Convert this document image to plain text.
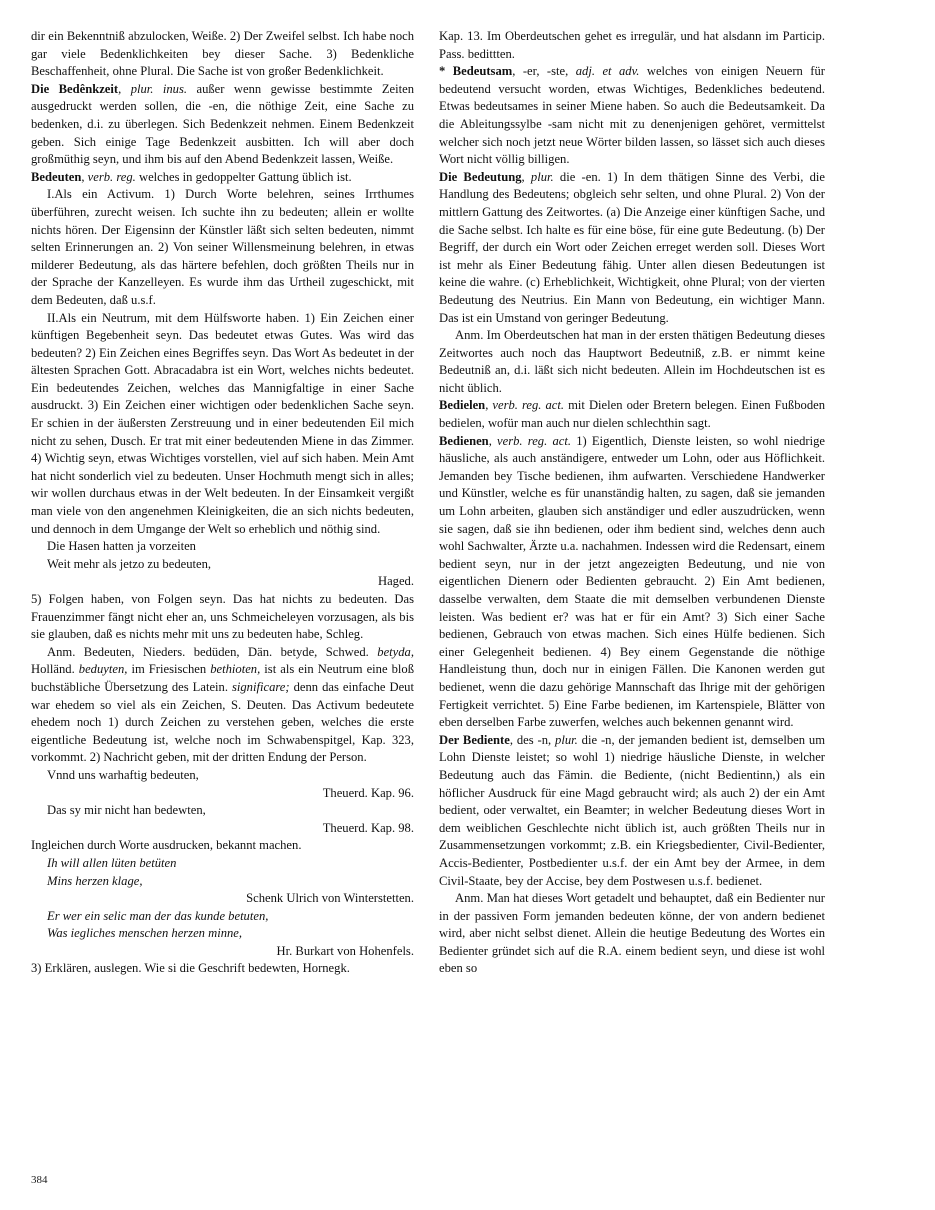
dir ein Bekenntniß abzulocken, Weiße. 2) Der Zweifel selbst. Ich habe noch gar viele Bedenklichkeiten bey dieser Sache. 3) Bedenkliche Beschaffenheit, ohne Plural. Die Sache ist von großer Bedenklichkeit.

Die Bedênkzeit, plur. inus. außer wenn gewisse bestimmte Zeiten ausgedruckt werden sollen, die -en, die nöthige Zeit, eine Sache zu bedenken, d.i. zu überlegen. Sich Bedenkzeit nehmen. Einem Bedenkzeit geben. Sich einige Tage Bedenkzeit ausbitten. Ich will aber doch großmüthig seyn, und ihm bis auf den Abend Bedenkzeit lassen, Weiße.

Bedeuten, verb. reg. welches in gedoppelter Gattung üblich ist.

I.Als ein Activum. 1) Durch Worte belehren, seines Irrthumes überführen, zurecht weisen. Ich suchte ihn zu bedeuten; allein er wollte nichts hören. Der Eigensinn der Künstler läßt sich selten bedeuten, nimmt selten Erinnerungen an. 2) Von seiner Willensmeinung belehren, in etwas milderer Bedeutung, als das härtere befehlen, doch größten Theils nur in der Sprache der Kanzelleyen. Es wurde ihm das Urtheil zugeschickt, mit dem Bedeuten, daß u.s.f.

II.Als ein Neutrum, mit dem Hülfsworte haben. 1) Ein Zeichen einer künftigen Begebenheit seyn. Das bedeutet etwas Gutes. Was wird das bedeuten? 2) Ein Zeichen eines Begriffes seyn. Das Wort As bedeutet in der ältesten Sprachen Gott. Abracadabra ist ein Wort, welches nichts bedeutet. Ein bedeutendes Zeichen, welches das Mannigfaltige in einer Sache ausdruckt. 3) Ein Zeichen einer wichtigen oder bedenklichen Sache seyn. Er schien in der äußersten Zerstreuung und in einer bedeutenden Eil mich nicht zu sehen, Dusch. Er trat mit einer bedeutenden Miene in das Zimmer. 4) Wichtig seyn, etwas Wichtiges vorstellen, viel auf sich haben. Mein Amt hat nicht sonderlich viel zu bedeuten. Unser Hochmuth mengt sich in alles; wir wollen durchaus etwas in der Welt bedeuten. In der Einsamkeit vergißt man viele von den angenehmen Kleinigkeiten, die an sich nichts bedeuten, und dennoch in dem Umgange der Welt so erheblich und nöthig sind.

Die Hasen hatten ja vorzeiten

Weit mehr als jetzo zu bedeuten,

Haged.

5) Folgen haben, von Folgen seyn. Das hat nichts zu bedeuten. Das Frauenzimmer fängt nicht eher an, uns Schmeicheleyen vorzusagen, als bis sie glauben, daß es nichts mehr mit uns zu bedeuten habe, Schleg.

Anm. Bedeuten, Nieders. bedüden, Dän. betyde, Schwed. betyda, Holländ. beduyten, im Friesischen bethioten, ist als ein Neutrum eine bloß buchstäbliche Übersetzung des Latein. significare; denn das einfache Deut war ehedem so viel als ein Zeichen, S. Deuten. Das Activum bedeutete ehedem noch 1) durch Zeichen zu verstehen geben, welches die erste eigentliche Bedeutung ist, welche noch im Schwabenspitgel, Kap. 323, vorkommt. 2) Nachricht geben, mit der dritten Endung der Person.

Vnnd uns warhaftig bedeuten,

Theuerd. Kap. 96.

Das sy mir nicht han bedewten,

Theuerd. Kap. 98.

Ingleichen durch Worte ausdrucken, bekannt machen.

Ih will allen lüten betüten

Mins herzen klage,

Schenk Ulrich von Winterstetten.

Er wer ein selic man der das kunde betuten,

Was iegliches menschen herzen minne,

Hr. Burkart von Hohenfels.

3) Erklären, auslegen. Wie si die Geschrift bedewten, Hornegk.

Kap. 13. Im Oberdeutschen gehet es irregulär, und hat alsdann im Particip. Pass. bedittten.

* Bedeutsam, -er, -ste, adj. et adv. welches von einigen Neuern für bedeutend versucht worden, etwas Wichtiges, Bedenkliches bedeutend. Etwas bedeutsames in seiner Miene haben. So auch die Bedeutsamkeit. Da die Ableitungssylbe -sam nicht mit zu denenjenigen gehöret, vermittelst welcher sich noch jetzt neue Wörter bilden lassen, so lässet sich auch dieses Wort nicht völlig billigen.

Die Bedeutung, plur. die -en. 1) In dem thätigen Sinne des Verbi, die Handlung des Bedeutens; obgleich sehr selten, und ohne Plural. 2) Von der mittlern Gattung des Zeitwortes. (a) Die Anzeige einer künftigen Sache, und die Sache selbst. Ich halte es für eine böse, für eine gute Bedeutung. (b) Der Begriff, der durch ein Wort oder Zeichen erreget werden soll. Dieses Wort ist mehr als Einer Bedeutung fähig. Unter allen diesen Bedeutungen ist keine die wahre. (c) Erheblichkeit, Wichtigkeit, ohne Plural; von der vierten Bedeutung des Neutrius. Ein Mann von Bedeutung, ein wichtiger Mann. Das ist ein Umstand von geringer Bedeutung.

Anm. Im Oberdeutschen hat man in der ersten thätigen Bedeutung dieses Zeitwortes auch noch das Hauptwort Bedeutniß, z.B. er nimmt keine Bedeutniß an, d.i. läßt sich nicht bedeuten. Allein im Hochdeutschen ist es nicht üblich.

Bedielen, verb. reg. act. mit Dielen oder Bretern belegen. Einen Fußboden bedielen, wofür man auch nur dielen schlechthin sagt.

Bedienen, verb. reg. act. 1) Eigentlich, Dienste leisten, so wohl niedrige häusliche, als auch anständigere, entweder um Lohn, oder aus Höflichkeit. Jemanden bey Tische bedienen, ihm aufwarten. Verschiedene Handwerker und Künstler, welche es für unanständig halten, zu sagen, daß sie jemanden um Lohn arbeiten, glauben sich anständiger und edler auszudrücken, wenn sie sagen, daß sie ihn bedienen, oder ihm bedient sind, welches denn auch wohl Sachwalter, Ärzte u.a. nachahmen. Indessen wird die Redensart, einem bedient seyn, nur in der jetzt angezeigten Bedeutung, und nie von eigentlichen Dienern oder Bedienten gebraucht. 2) Ein Amt bedienen, dasselbe verwalten, dem Staate die mit demselben verbundenen Dienste leisten. Was bedient er? was hat er für ein Amt? 3) Sich einer Sache bedienen, Gebrauch von etwas machen. Sich eines Hülfe bedienen. Sich einer Gelegenheit bedienen. 4) Bey einem Gegenstande die nöthige Handleistung thun, doch nur in einigen Fällen. Die Kanonen werden gut bedienet, wenn die dazu gehörige Mannschaft das Ihrige mit der gehörigen Fertigkeit verrichtet. 5) Eine Farbe bedienen, im Kartenspiele, Blätter von eben derselben Farbe zuwerfen, welches auch bekennen genannt wird.

Der Bediente, des -n, plur. die -n, der jemanden bedient ist, demselben um Lohn Dienste leistet; so wohl 1) niedrige häusliche Dienste, in welcher Bedeutung auch das Fämin. die Bediente, (nicht Bedientinn,) als ein höflicher Ausdruck für eine Magd gebraucht wird; als auch 2) der ein Amt bedient, oder verwaltet, ein Beamter; in welcher Bedeutung dieses Wort in dem weiblichen Geschlechte nicht üblich ist, auch größten Theils nur in Zusammensetzungen vorkommt; z.B. ein Kriegsbedienter, Civil-Bedienter, Accis-Bedienter, Postbedienter u.s.f. der ein Amt bey der Armee, in dem Civil-Staate, bey der Accise, bey dem Postwesen u.s.f. bedienet.

Anm. Man hat dieses Wort getadelt und behauptet, daß ein Bedienter nur in der passiven Form jemanden bedeuten könne, der von andern bedienet wird, aber nicht selbst dienet. Allein die heutige Bedeutung des Wortes ein Bedienter gründet sich auf die R.A. einem bedient seyn, und diese ist wohl eben so

384
